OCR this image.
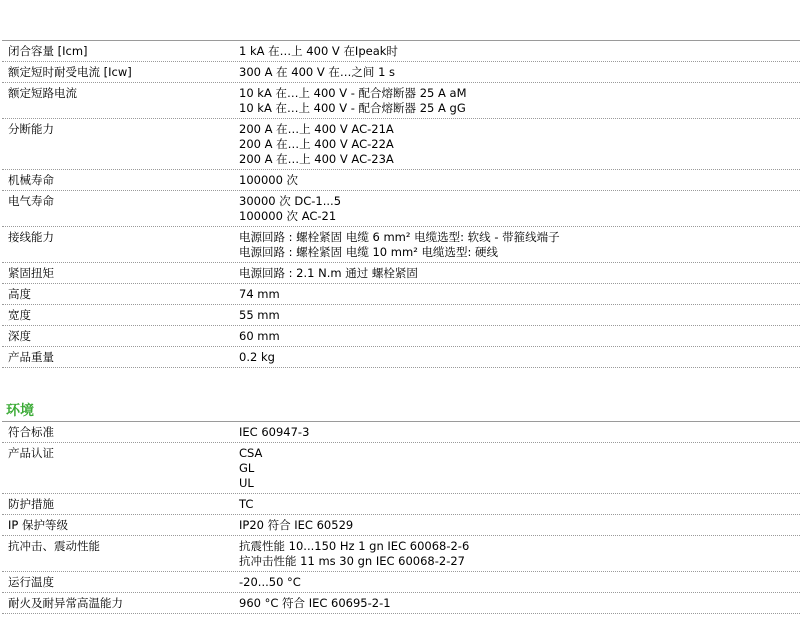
闭合容量 [Icm]	1 kA 在…上 400 V 在Ipeak时
额定短时耐受电流 [Icw]	300 A 在 400 V 在…之间 1 s
额定短路电流	10 kA 在…上 400 V - 配合熔断器 25 A aM
10 kA 在…上 400 V - 配合熔断器 25 A gG
分断能力	200 A 在…上 400 V AC-21A
200 A 在…上 400 V AC-22A
200 A 在…上 400 V AC-23A
机械寿命	100000 次
电气寿命	30000 次 DC-1...5
100000 次 AC-21
接线能力	电源回路 : 螺栓紧固 电缆 6 mm² 电缆选型: 软线 - 带箍线端子
电源回路 : 螺栓紧固 电缆 10 mm² 电缆选型: 硬线
紧固扭矩	电源回路 : 2.1 N.m 通过 螺栓紧固
高度	74 mm
宽度	55 mm
深度	60 mm
产品重量	0.2 kg
环境
符合标准	IEC 60947-3
产品认证	CSA
GL
UL
防护措施	TC
IP 保护等级	IP20 符合 IEC 60529
抗冲击、震动性能	抗震性能 10...150 Hz 1 gn IEC 60068-2-6
抗冲击性能 11 ms 30 gn IEC 60068-2-27
运行温度	-20...50 °C
耐火及耐异常高温能力	960 °C 符合 IEC 60695-2-1
